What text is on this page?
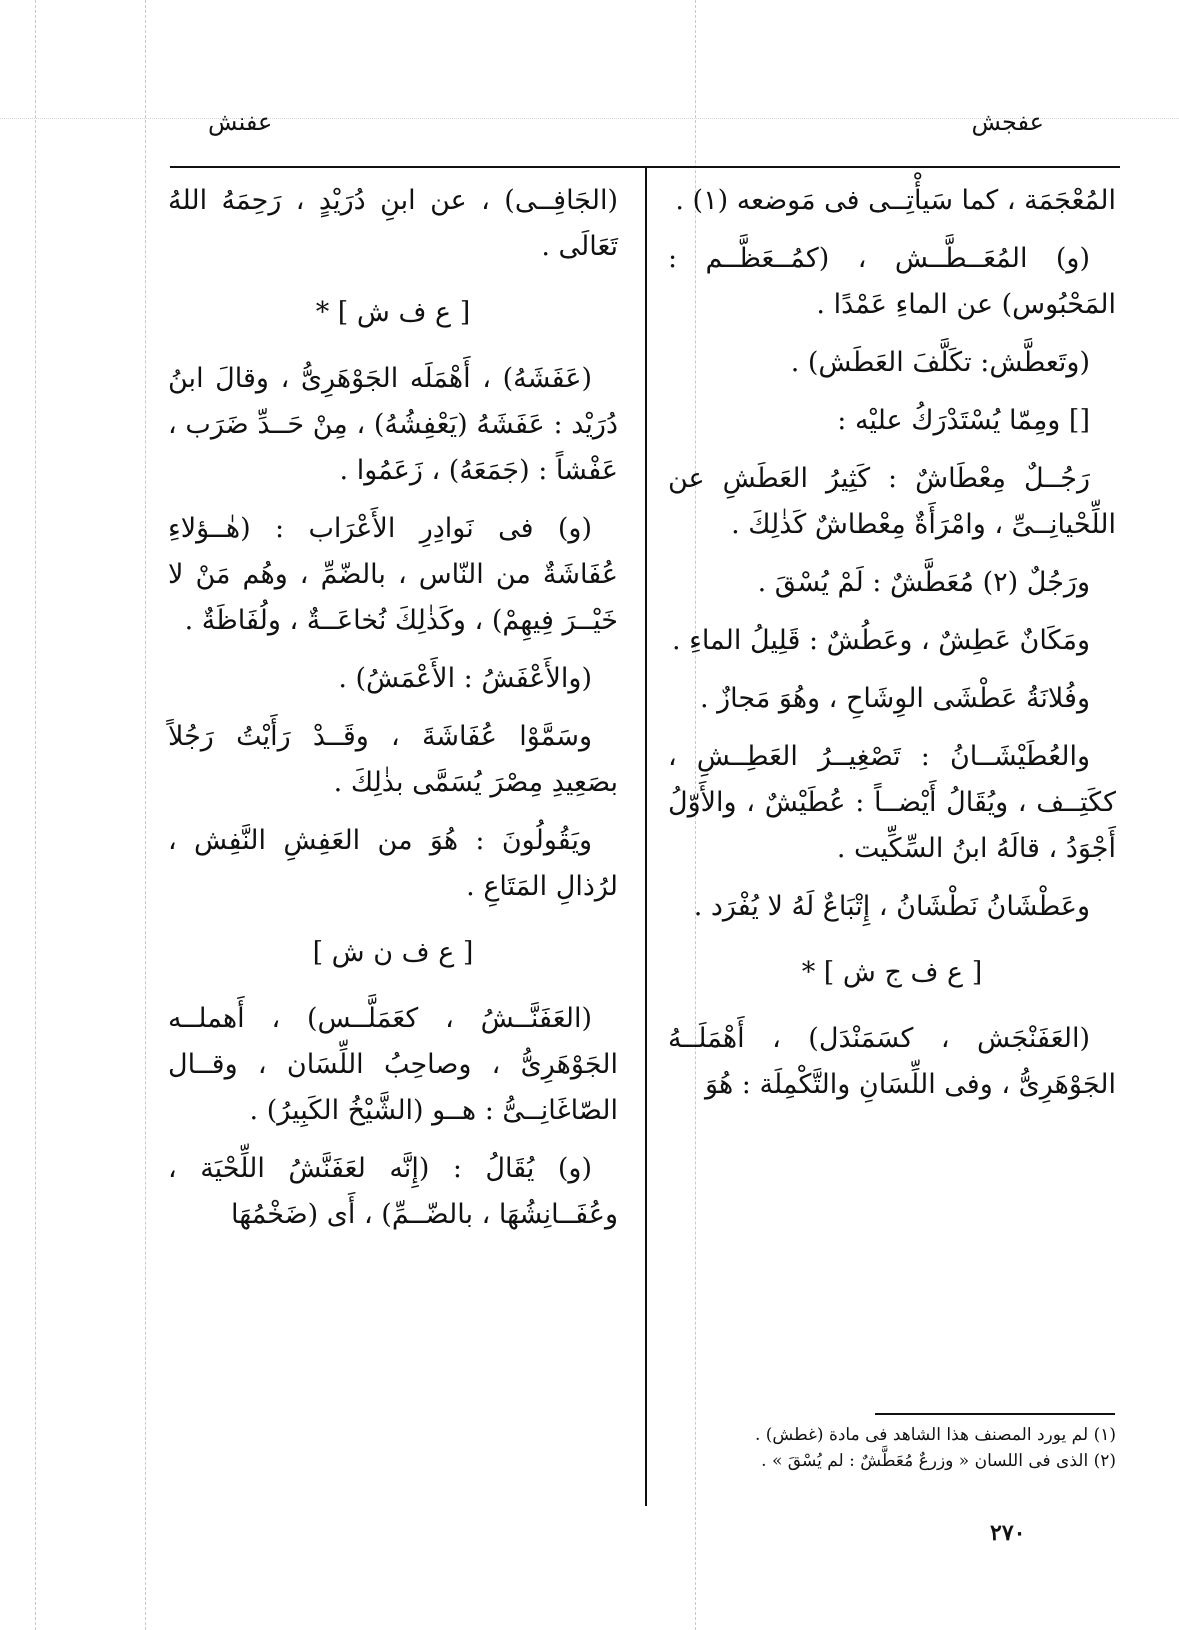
عفجش
عفنش

المُعْجَمَة ، كما سَيأْتِــى فى مَوضعه (١) .

(و) المُعَــطَّــش ، (كمُــعَظَّــم : المَحْبُوس) عن الماءِ عَمْدًا .

(وتَعطَّش: تكَلَّفَ العَطَش) .

[] ومِمّا يُسْتَدْرَكُ عليْه :

رَجُــلٌ مِعْطَاشٌ : كَثِيرُ العَطَشِ عن اللِّحْيانِــىِّ ، وامْرَأَةٌ مِعْطاشٌ كَذٰلِكَ .

ورَجُلٌ (٢) مُعَطَّشٌ : لَمْ يُسْقَ .

ومَكَانٌ عَطِشٌ ، وعَطُشٌ : قَلِيلُ الماءِ .

وفُلانَةُ عَطْشَى الوِشَاحِ ، وهُوَ مَجازٌ .

والعُطَيْشَــانُ : تَصْغِيــرُ العَطِــشِ ، ككَتِــف ، ويُقَالُ أَيْضــاً : عُطَيْشٌ ، والأَوّلُ أَجْوَدُ ، قالَهُ ابنُ السِّكِّيت .

وعَطْشَانُ نَطْشَانُ ، إِتْبَاعٌ لَهُ لا يُفْرَد .

[ ع ف ج ش ] *

(العَفَنْجَش ، كسَمَنْدَل) ، أَهْمَلَــهُ الجَوْهَرِىُّ ، وفى اللِّسَانِ والتَّكْمِلَة : هُوَ

(الجَافِــى) ، عن ابنِ دُرَيْدٍ ، رَحِمَهُ اللهُ تَعَالَى .

[ ع ف ش ] *

(عَفَشَهُ) ، أَهْمَلَه الجَوْهَرِىُّ ، وقالَ ابنُ دُرَيْد : عَفَشَهُ (يَعْفِشُهُ) ، مِنْ حَــدِّ ضَرَب ، عَفْشاً : (جَمَعَهُ) ، زَعَمُوا .

(و) فى نَوادِرِ الأَعْرَاب : (هٰــؤلاءِ عُفَاشَةٌ من النّاس ، بالضّمِّ ، وهُم مَنْ لا خَيْــرَ فِيهِمْ) ، وكَذٰلِكَ نُخاعَــةٌ ، ولُفَاظَةٌ .

(والأَعْفَشُ : الأَعْمَشُ) .

وسَمَّوْا عُفَاشَةَ ، وقَــدْ رَأَيْتُ رَجُلاً بصَعِيدِ مِصْرَ يُسَمَّى بذٰلِكَ .

ويَقُولُونَ : هُوَ من العَفِشِ النَّفِش ، لرُذالِ المَتَاعِ .

[ ع ف ن ش ]

(العَفَنَّــشُ ، كعَمَلَّــس) ، أَهملــه الجَوْهَرِىُّ ، وصاحِبُ اللِّسَان ، وقــال الصّاغَانِــىُّ : هــو (الشَّيْخُ الكَبِيرُ) .

(و) يُقَالُ : (إِنَّه لعَفَنَّشُ اللِّحْيَة ، وعُفَــانِشُهَا ، بالضّــمِّ) ، أَى (ضَخْمُهَا

(١) لم يورد المصنف هذا الشاهد فى مادة (غطش) .
(٢) الذى فى اللسان « وزرعٌ مُعَطَّشٌ : لم يُسْقَ » .
٢٧٠
